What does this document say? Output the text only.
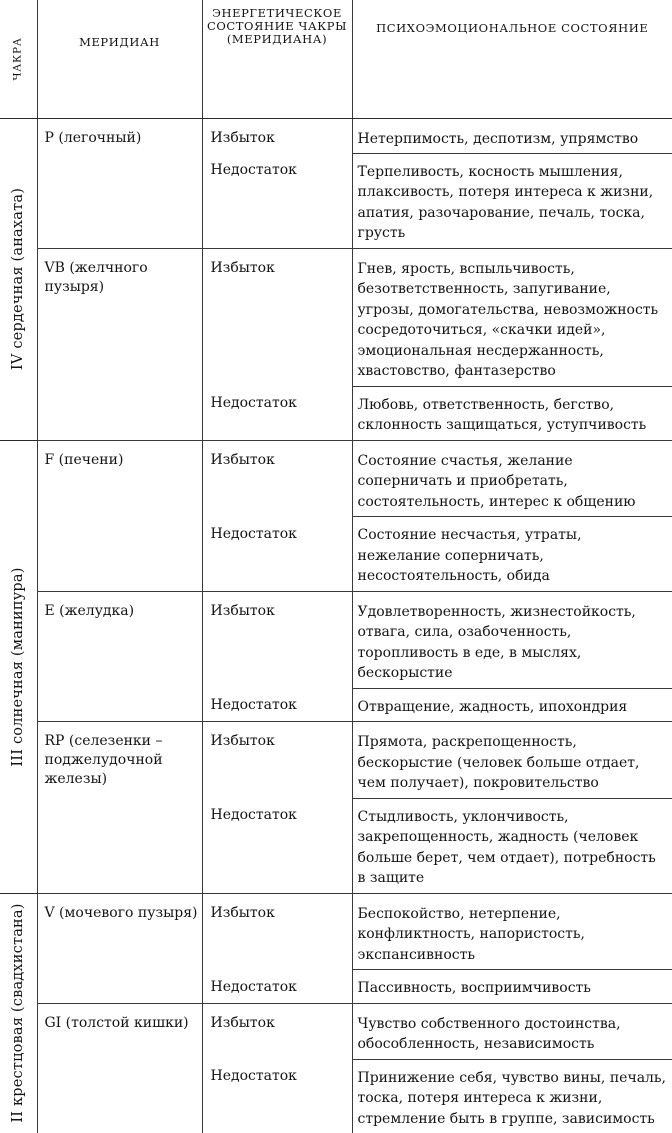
ЧАКРА	МЕРИДИАН	ЭНЕРГЕТИЧЕСКОЕ СОСТОЯНИЕ ЧАКРЫ (МЕРИДИАНА)	ПСИХОЭМОЦИОНАЛЬНОЕ СОСТОЯНИЕ

IV сердечная (анахата)	P (легочный)	Избыток	Нетерпимость, деспотизм, упрямство
		Недостаток	Терпеливость, косность мышления, плаксивость, потеря интереса к жизни, апатия, разочарование, печаль, тоска, грусть
	VB (желчного пузыря)	Избыток	Гнев, ярость, вспыльчивость, безответственность, запугивание, угрозы, домогательства, невозможность сосредоточиться, «скачки идей», эмоциональная несдержанность, хвастовство, фантазерство
		Недостаток	Любовь, ответственность, бегство, склонность защищаться, уступчивость

III солнечная (манипура)	F (печени)	Избыток	Состояние счастья, желание соперничать и приобретать, состоятельность, интерес к общению
		Недостаток	Состояние несчастья, утраты, нежелание соперничать, несостоятельность, обида
	E (желудка)	Избыток	Удовлетворенность, жизнестойкость, отвага, сила, озабоченность, торопливость в еде, в мыслях, бескорыстие
		Недостаток	Отвращение, жадность, ипохондрия
	RP (селезенки – поджелудочной железы)	Избыток	Прямота, раскрепощенность, бескорыстие (человек больше отдает, чем получает), покровительство
		Недостаток	Стыдливость, уклончивость, закрепощенность, жадность (человек больше берет, чем отдает), потребность в защите

II крестцовая (свадхистана)	V (мочевого пузыря)	Избыток	Беспокойство, нетерпение, конфликтность, напористость, экспансивность
		Недостаток	Пассивность, восприимчивость
	GI (толстой кишки)	Избыток	Чувство собственного достоинства, обособленность, независимость
		Недостаток	Принижение себя, чувство вины, печаль, тоска, потеря интереса к жизни, стремление быть в группе, зависимость
